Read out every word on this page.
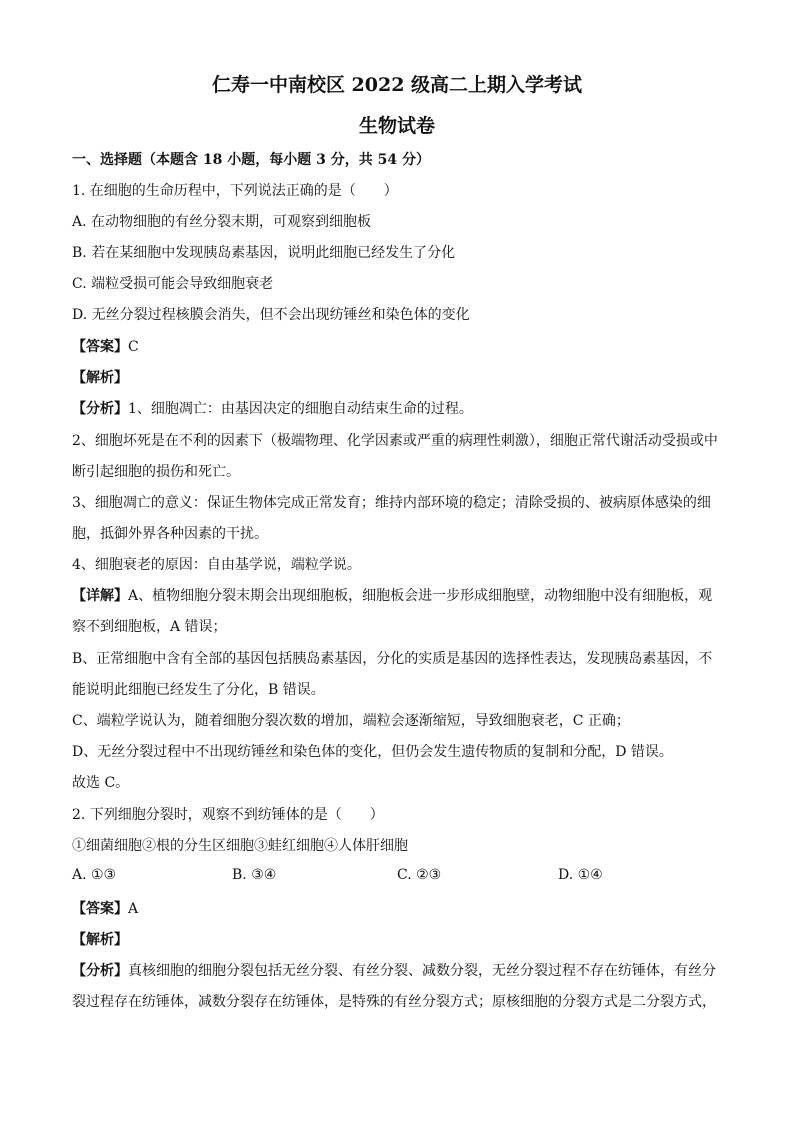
仁寿一中南校区 2022 级高二上期入学考试
生物试卷
一、选择题（本题含 18 小题，每小题 3 分，共 54 分）
1. 在细胞的生命历程中，下列说法正确的是（　　）
A. 在动物细胞的有丝分裂末期，可观察到细胞板
B. 若在某细胞中发现胰岛素基因，说明此细胞已经发生了分化
C. 端粒受损可能会导致细胞衰老
D. 无丝分裂过程核膜会消失，但不会出现纺锤丝和染色体的变化
【答案】C
【解析】
【分析】1、细胞凋亡：由基因决定的细胞自动结束生命的过程。
2、细胞坏死是在不利的因素下（极端物理、化学因素或严重的病理性刺激），细胞正常代谢活动受损或中
断引起细胞的损伤和死亡。
3、细胞凋亡的意义：保证生物体完成正常发育；维持内部环境的稳定；清除受损的、被病原体感染的细
胞，抵御外界各种因素的干扰。
4、细胞衰老的原因：自由基学说，端粒学说。
【详解】A、植物细胞分裂末期会出现细胞板，细胞板会进一步形成细胞壁，动物细胞中没有细胞板，观
察不到细胞板，A 错误；
B、正常细胞中含有全部的基因包括胰岛素基因，分化的实质是基因的选择性表达，发现胰岛素基因，不
能说明此细胞已经发生了分化，B 错误。
C、端粒学说认为，随着细胞分裂次数的增加，端粒会逐渐缩短，导致细胞衰老，C 正确；
D、无丝分裂过程中不出现纺锤丝和染色体的变化，但仍会发生遗传物质的复制和分配，D 错误。
故选 C。
2. 下列细胞分裂时，观察不到纺锤体的是（　　）
①细菌细胞②根的分生区细胞③蛙红细胞④人体肝细胞
A. ①③	B. ③④	C. ②③	D. ①④
【答案】A
【解析】
【分析】真核细胞的细胞分裂包括无丝分裂、有丝分裂、减数分裂，无丝分裂过程不存在纺锤体，有丝分
裂过程存在纺锤体，减数分裂存在纺锤体，是特殊的有丝分裂方式；原核细胞的分裂方式是二分裂方式，
